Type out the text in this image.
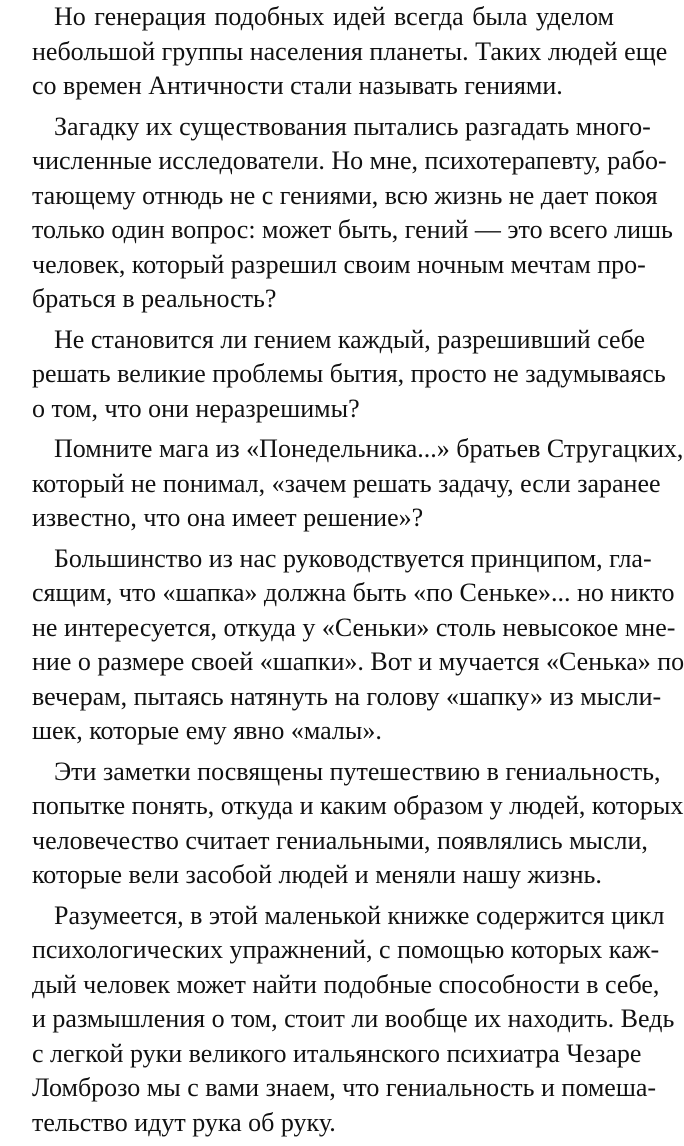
Но генерация подобных идей всегда была уделом
небольшой группы населения планеты. Таких людей еще
со времен Античности стали называть гениями.
Загадку их существования пытались разгадать много-
численные исследователи. Но мне, психотерапевту, рабо-
тающему отнюдь не с гениями, всю жизнь не дает покоя
только один вопрос: может быть, гений — это всего лишь
человек, который разрешил своим ночным мечтам про-
браться в реальность?
Не становится ли гением каждый, разрешивший себе
решать великие проблемы бытия, просто не задумываясь
о том, что они неразрешимы?
Помните мага из «Понедельника...» братьев Стругацких,
который не понимал, «зачем решать задачу, если заранее
известно, что она имеет решение»?
Большинство из нас руководствуется принципом, гла-
сящим, что «шапка» должна быть «по Сеньке»... но никто
не интересуется, откуда у «Сеньки» столь невысокое мне-
ние о размере своей «шапки». Вот и мучается «Сенька» по
вечерам, пытаясь натянуть на голову «шапку» из мысли-
шек, которые ему явно «малы».
Эти заметки посвящены путешествию в гениальность,
попытке понять, откуда и каким образом у людей, которых
человечество считает гениальными, появлялись мысли,
которые вели засобой людей и меняли нашу жизнь.
Разумеется, в этой маленькой книжке содержится цикл
психологических упражнений, с помощью которых каж-
дый человек может найти подобные способности в себе,
и размышления о том, стоит ли вообще их находить. Ведь
с легкой руки великого итальянского психиатра Чезаре
Ломброзо мы с вами знаем, что гениальность и помеша-
тельство идут рука об руку.
